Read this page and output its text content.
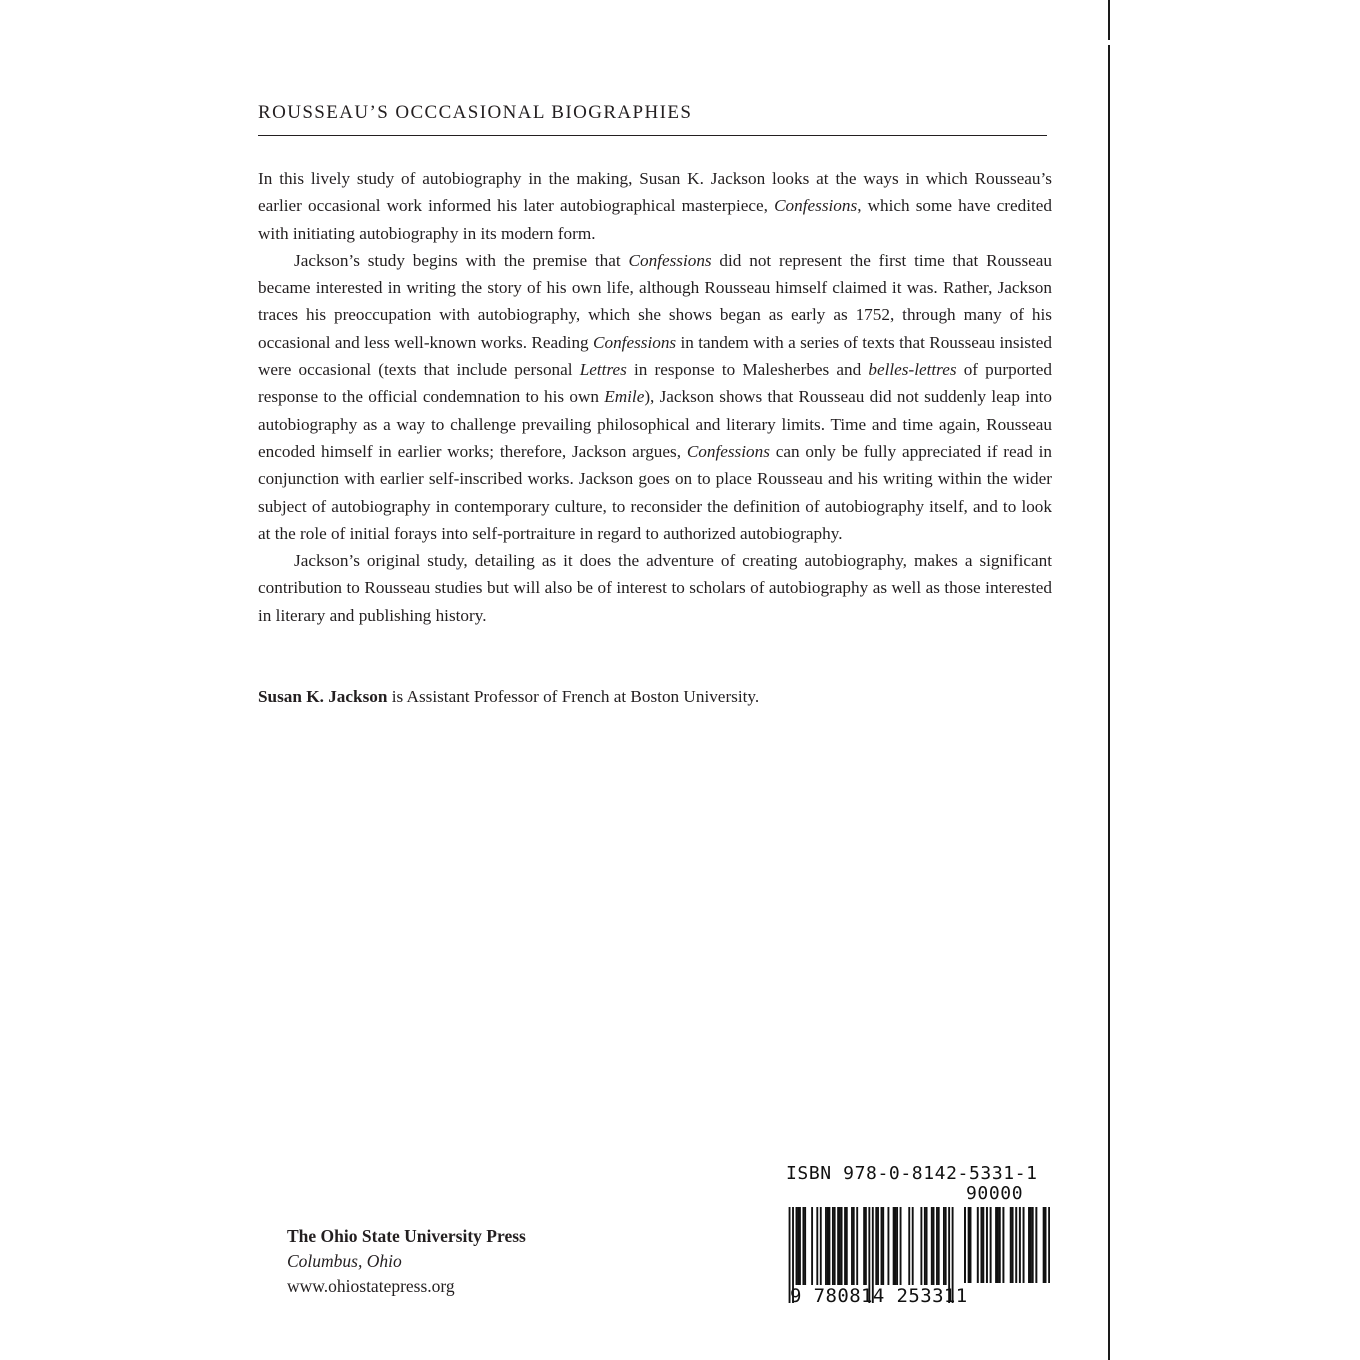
ROUSSEAU’S OCCCASIONAL BIOGRAPHIES

In this lively study of autobiography in the making, Susan K. Jackson looks at the ways in which Rousseau’s earlier occasional work informed his later autobiographical masterpiece, Confessions, which some have credited with initiating autobiography in its modern form.

Jackson’s study begins with the premise that Confessions did not represent the first time that Rousseau became interested in writing the story of his own life, although Rousseau himself claimed it was. Rather, Jackson traces his preoccupation with autobiography, which she shows began as early as 1752, through many of his occasional and less well-known works. Reading Confessions in tandem with a series of texts that Rousseau insisted were occasional (texts that include personal Lettres in response to Malesherbes and belles-lettres of purported response to the official condemnation to his own Emile), Jackson shows that Rousseau did not suddenly leap into autobiography as a way to challenge prevailing philosophical and literary limits. Time and time again, Rousseau encoded himself in earlier works; therefore, Jackson argues, Confessions can only be fully appreciated if read in conjunction with earlier self-inscribed works. Jackson goes on to place Rousseau and his writing within the wider subject of autobiography in contemporary culture, to reconsider the definition of autobiography itself, and to look at the role of initial forays into self-portraiture in regard to authorized autobiography.

Jackson’s original study, detailing as it does the adventure of creating autobiography, makes a significant contribution to Rousseau studies but will also be of interest to scholars of autobiography as well as those interested in literary and publishing history.

Susan K. Jackson is Assistant Professor of French at Boston University.

The Ohio State University Press
Columbus, Ohio
www.ohiostatepress.org
ISBN 978-0-8142-5331-1
90000
9 780814 253311
